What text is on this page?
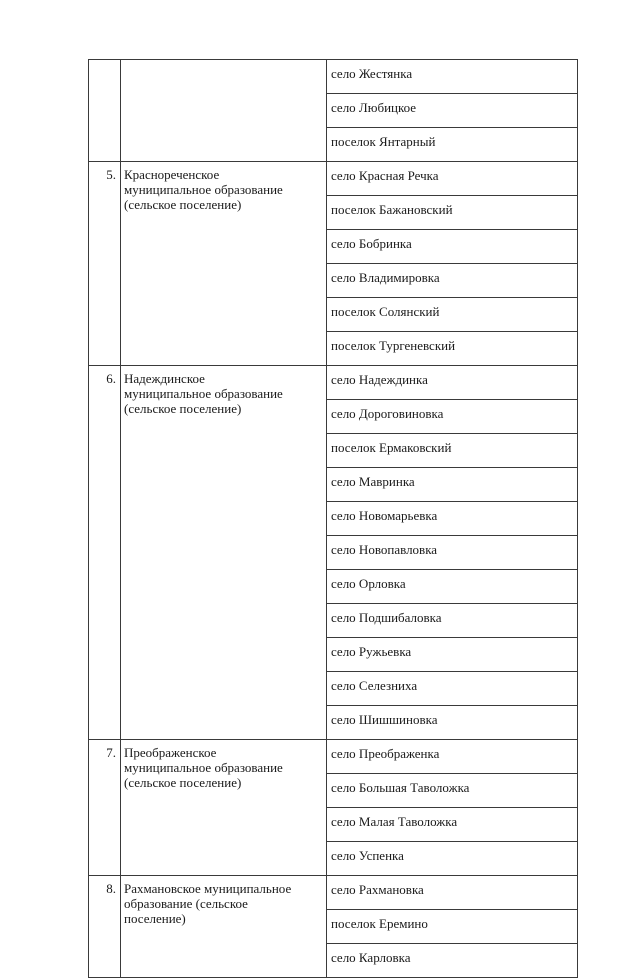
		село Жестянка
		село Любицкое
		поселок Янтарный
5.	Краснореченское
муниципальное образование
(сельское поселение)	село Красная Речка
		поселок Бажановский
		село Бобринка
		село Владимировка
		поселок Солянский
		поселок Тургеневский
6.	Надеждинское
муниципальное образование
(сельское поселение)	село Надеждинка
		село Дороговиновка
		поселок Ермаковский
		село Мавринка
		село Новомарьевка
		село Новопавловка
		село Орловка
		село Подшибаловка
		село Ружьевка
		село Селезниха
		село Шишшиновка
7.	Преображенское
муниципальное образование
(сельское поселение)	село Преображенка
		село Большая Таволожка
		село Малая Таволожка
		село Успенка
8.	Рахмановское муниципальное
образование (сельское
поселение)	село Рахмановка
		поселок Еремино
		село Карловка
